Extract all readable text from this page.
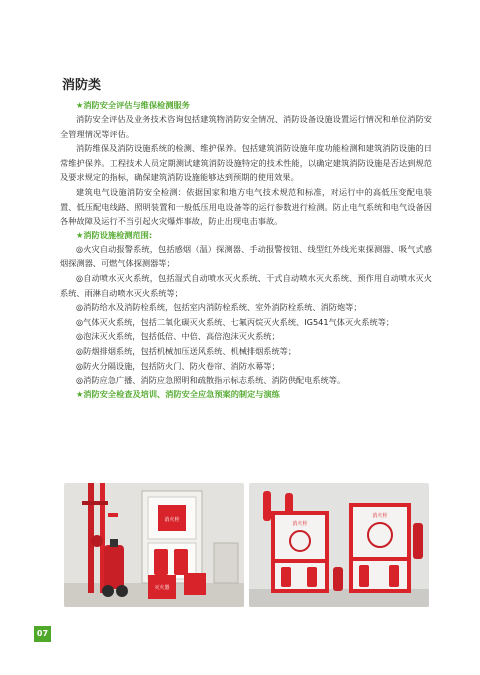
消防类

★消防安全评估与维保检测服务

消防安全评估及业务技术咨询包括建筑物消防安全情况、消防设备设施设置运行情况和单位消防安全管理情况等评估。

消防维保及消防设施系统的检测、维护保养。包括建筑消防设施年度功能检测和建筑消防设施的日常维护保养。工程技术人员定期测试建筑消防设施特定的技术性能，以确定建筑消防设施是否达到规范及要求规定的指标，确保建筑消防设施能够达到预期的使用效果。

建筑电气设施消防安全检测：依据国家和地方电气技术规范和标准，对运行中的高低压变配电装置、低压配电线路、照明装置和一般低压用电设备等的运行参数进行检测。防止电气系统和电气设备因各种故障及运行不当引起火灾爆炸事故，防止出现电击事故。

★消防设施检测范围:

◎火灾自动报警系统，包括感烟（温）探测器、手动报警按钮、线型红外线光束探测器、吸气式感烟探测器、可燃气体探测器等；

◎自动喷水灭火系统，包括湿式自动喷水灭火系统、干式自动喷水灭火系统、预作用自动喷水灭火系统、雨淋自动喷水灭火系统等；

◎消防给水及消防栓系统，包括室内消防栓系统、室外消防栓系统、消防炮等；

◎气体灭火系统，包括二氧化碳灭火系统、七氟丙烷灭火系统、IG541气体灭火系统等；

◎泡沫灭火系统，包括低倍、中倍、高倍泡沫灭火系统；

◎防烟排烟系统，包括机械加压送风系统、机械排烟系统等；

◎防火分隔设施，包括防火门、防火卷帘、消防水幕等；

◎消防应急广播、消防应急照明和疏散指示标志系统、消防供配电系统等。

★消防安全检查及培训、消防安全应急预案的制定与演练

消火栓
灭火器
消火栓
消火栓
07
